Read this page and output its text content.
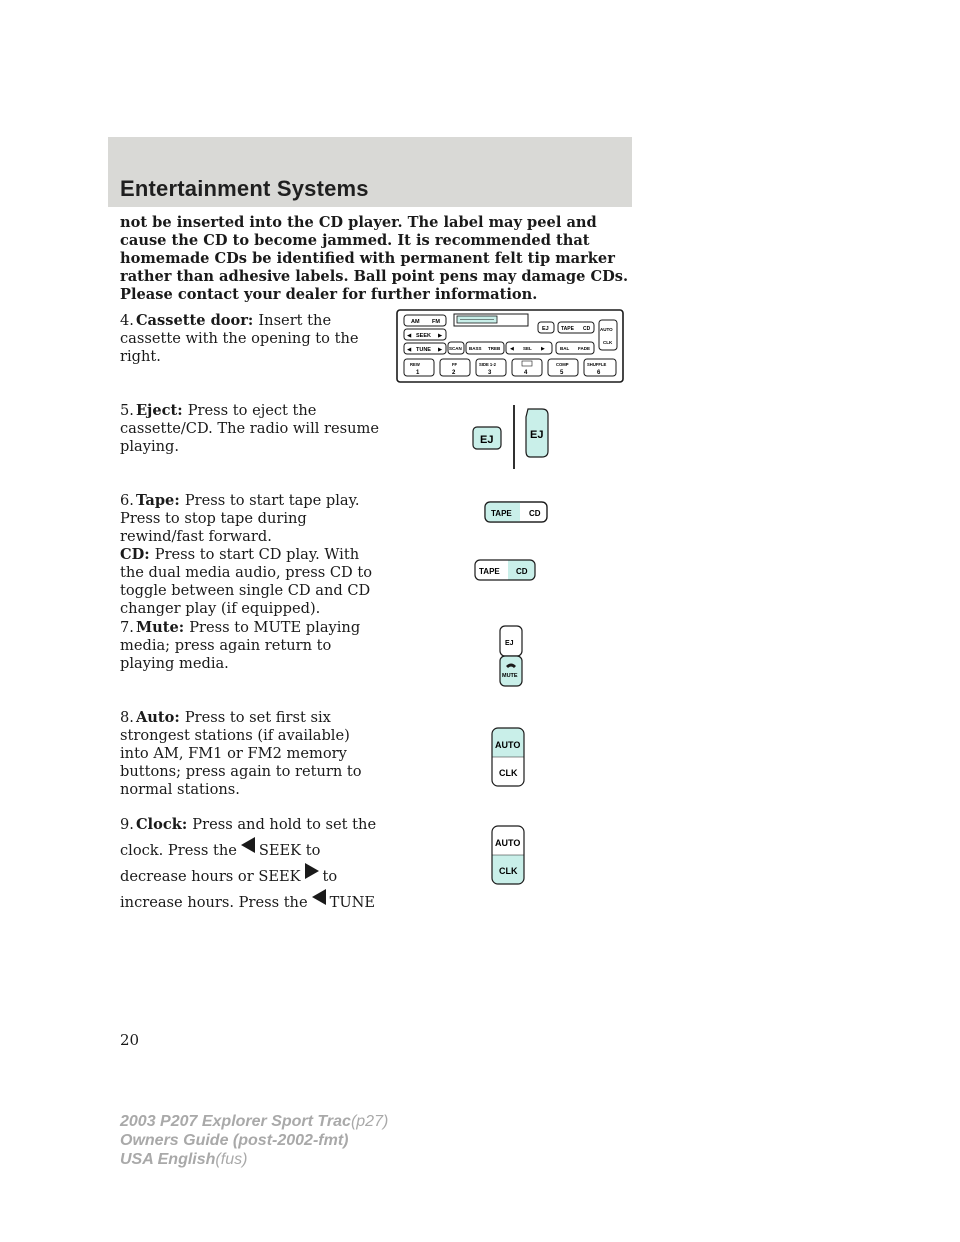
Entertainment Systems
not be inserted into the CD player. The label may peel and cause the CD to become jammed. It is recommended that homemade CDs be identified with permanent felt tip marker rather than adhesive labels. Ball point pens may damage CDs. Please contact your dealer for further information.
4. Cassette door: Insert the cassette with the opening to the right.
5. Eject: Press to eject the cassette/CD. The radio will resume playing.
6. Tape: Press to start tape play. Press to stop tape during rewind/fast forward.
CD: Press to start CD play. With the dual media audio, press CD to toggle between single CD and CD changer play (if equipped).
7. Mute: Press to MUTE playing media; press again return to playing media.
8. Auto: Press to set first six strongest stations (if available) into AM, FM1 or FM2 memory buttons; press again to return to normal stations.
9. Clock: Press and hold to set the clock. Press the SEEK to decrease hours or SEEK to increase hours. Press the TUNE
AM FM
◀ SEEK ▶
◀ TUNE ▶
EJ TAPE CD AUTO
CLK
SCAN BASS TREB ◀ SEL ▶	BAL FADE
REW
1
FF
2
SIDE 1-2
3	4
COMP
5
SHUFFLE
6
EJ	EJ
TAPE CD
TAPE CD
EJ
MUTE
AUTO
CLK
AUTO
CLK
20
2003 P207 Explorer Sport Trac(p27)
Owners Guide (post-2002-fmt)
USA English(fus)
